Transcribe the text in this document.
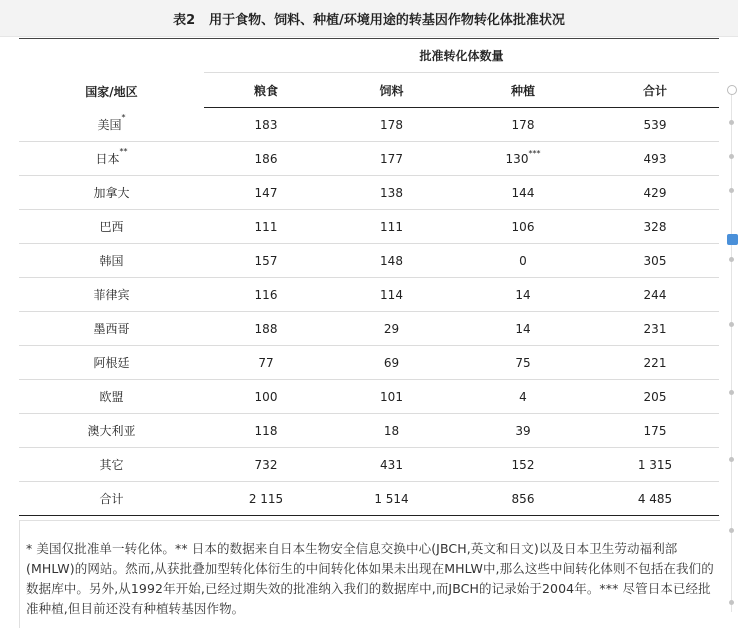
表2 用于食物、饲料、种植/环境用途的转基因作物转化体批准状况
国家/地区	批准转化体数量			
	粮食	饲料	种植	合计
美国*	183	178	178	539
日本**	186	177	130***	493
加拿大	147	138	144	429
巴西	111	111	106	328
韩国	157	148	0	305
菲律宾	116	114	14	244
墨西哥	188	29	14	231
阿根廷	77	69	75	221
欧盟	100	101	4	205
澳大利亚	118	18	39	175
其它	732	431	152	1 315
合计	2 115	1 514	856	4 485

* 美国仅批准单一转化体。** 日本的数据来自日本生物安全信息交换中心(JBCH,英文和日文)以及日本卫生劳动福利部(MHLW)的网站。然而,从获批叠加型转化体衍生的中间转化体如果未出现在MHLW中,那么这些中间转化体则不包括在我们的数据库中。另外,从1992年开始,已经过期失效的批准纳入我们的数据库中,而JBCH的记录始于2004年。*** 尽管日本已经批准种植,但目前还没有种植转基因作物。
